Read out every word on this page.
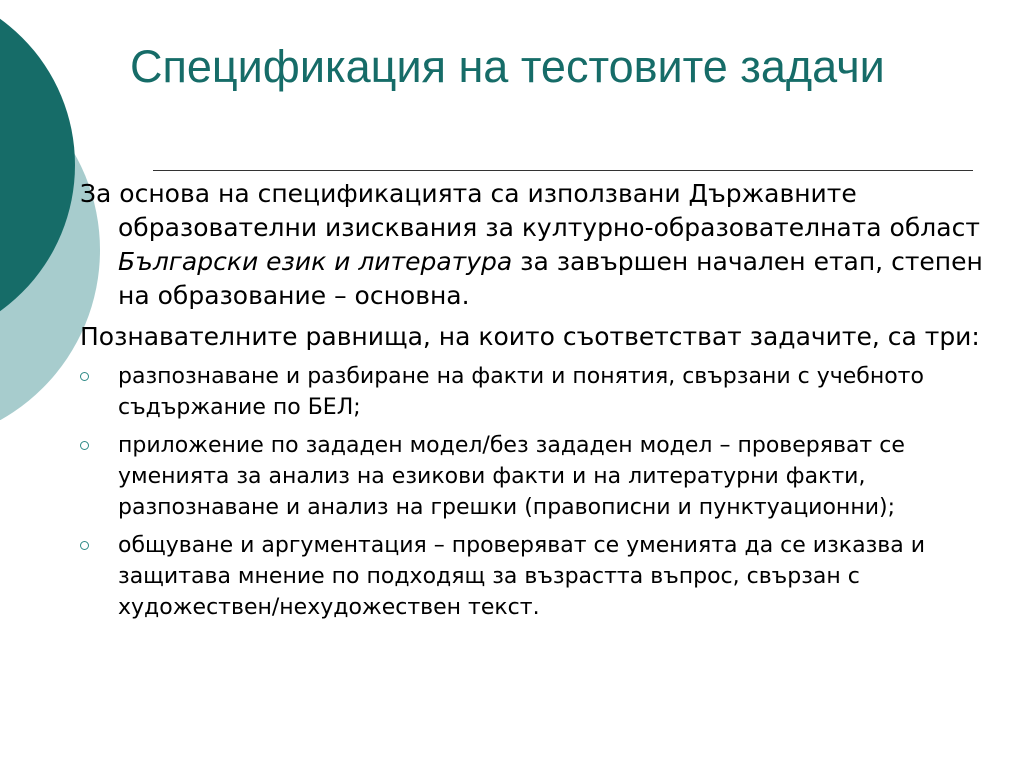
Спецификация на тестовите задачи

За основа на спецификацията са използвани Държавните образователни изисквания за културно-образователната област Български език и литература за завършен начален етап, степен на образование – основна.

Познавателните равнища, на които съответстват задачите, са три:

разпознаване и разбиране на факти и понятия, свързани с учебното съдържание по БЕЛ;
приложение по зададен модел/без зададен модел – проверяват се уменията за анализ на езикови факти и на литературни факти, разпознаване и анализ на грешки (правописни и пунктуационни);
общуване и аргументация – проверяват се уменията да се изказва и защитава мнение по подходящ за възрастта въпрос, свързан с художествен/нехудожествен текст.
